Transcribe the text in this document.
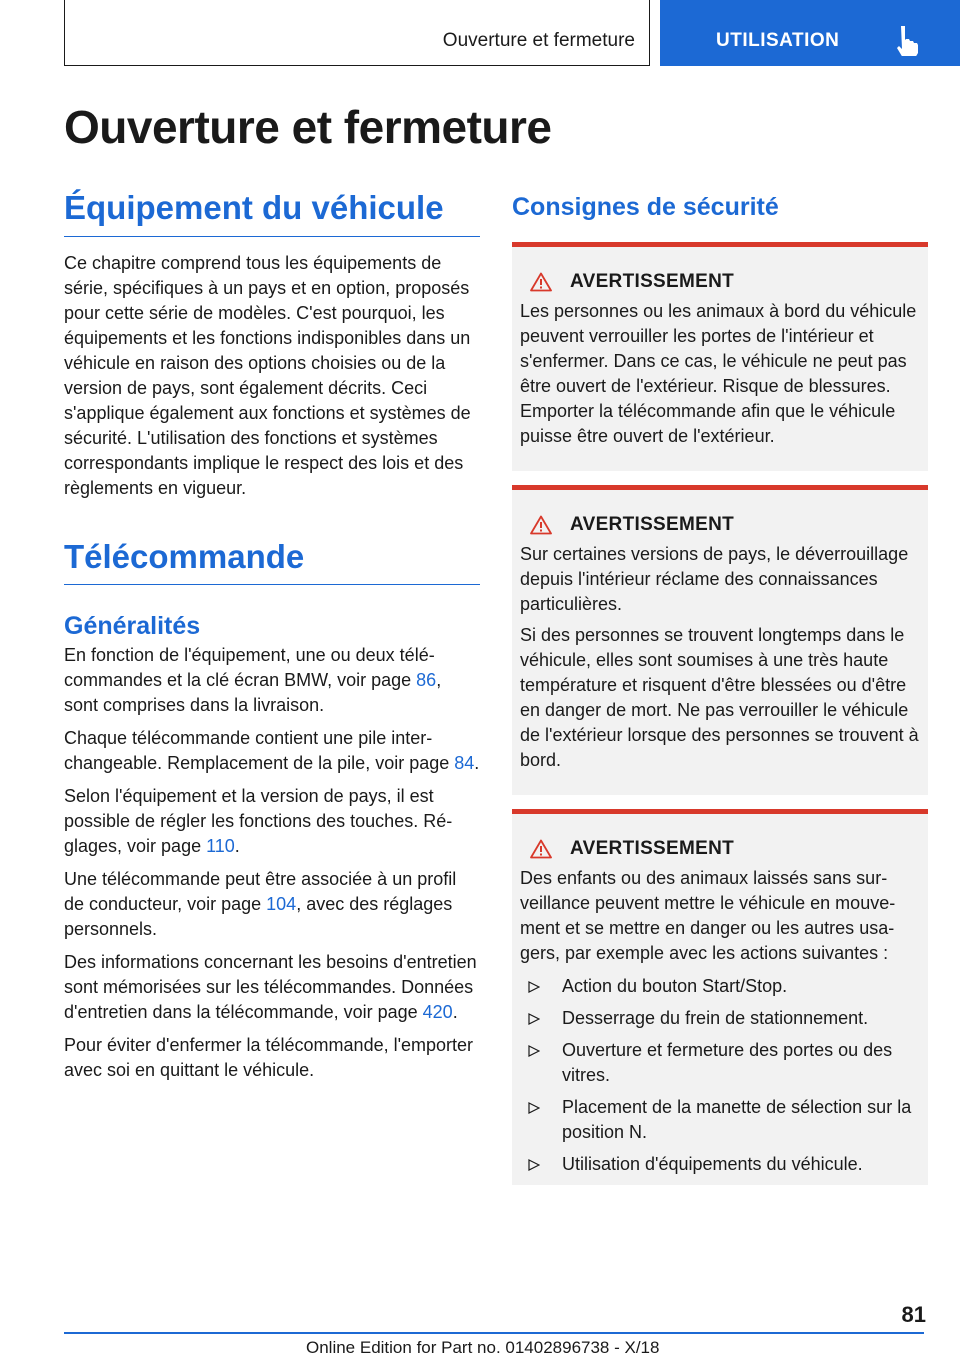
Ouverture et fermeture	UTILISATION
Ouverture et fermeture
Équipement du véhicule

Ce chapitre comprend tous les équipements de série, spécifiques à un pays et en option, proposés pour cette série de modèles. C'est pourquoi, les équipements et les fonctions indisponibles dans un véhicule en raison des options choisies ou de la version de pays, sont également décrits. Ceci s'applique également aux fonctions et systèmes de sécurité. L'utilisation des fonctions et systèmes correspondants implique le respect des lois et des règlements en vigueur.

Télécommande
Généralités

En fonction de l'équipement, une ou deux télécommandes et la clé écran BMW, voir page 86, sont comprises dans la livraison.

Chaque télécommande contient une pile interchangeable. Remplacement de la pile, voir page 84.

Selon l'équipement et la version de pays, il est possible de régler les fonctions des touches. Réglages, voir page 110.

Une télécommande peut être associée à un profil de conducteur, voir page 104, avec des réglages personnels.

Des informations concernant les besoins d'entretien sont mémorisées sur les télécommandes. Données d'entretien dans la télécommande, voir page 420.

Pour éviter d'enfermer la télécommande, l'emporter avec soi en quittant le véhicule.

Consignes de sécurité
AVERTISSEMENT

Les personnes ou les animaux à bord du véhicule peuvent verrouiller les portes de l'intérieur et s'enfermer. Dans ce cas, le véhicule ne peut pas être ouvert de l'extérieur. Risque de blessures. Emporter la télécommande afin que le véhicule puisse être ouvert de l'extérieur.

AVERTISSEMENT

Sur certaines versions de pays, le déverrouillage depuis l'intérieur réclame des connaissances particulières.

Si des personnes se trouvent longtemps dans le véhicule, elles sont soumises à une très haute température et risquent d'être blessées ou d'être en danger de mort. Ne pas verrouiller le véhicule de l'extérieur lorsque des personnes se trouvent à bord.

AVERTISSEMENT

Des enfants ou des animaux laissés sans surveillance peuvent mettre le véhicule en mouvement et se mettre en danger ou les autres usagers, par exemple avec les actions suivantes :

Action du bouton Start/Stop.
Desserrage du frein de stationnement.
Ouverture et fermeture des portes ou des vitres.
Placement de la manette de sélection sur la position N.
Utilisation d'équipements du véhicule.
81
Online Edition for Part no. 01402896738 - X/18 carmanualsonline.info
